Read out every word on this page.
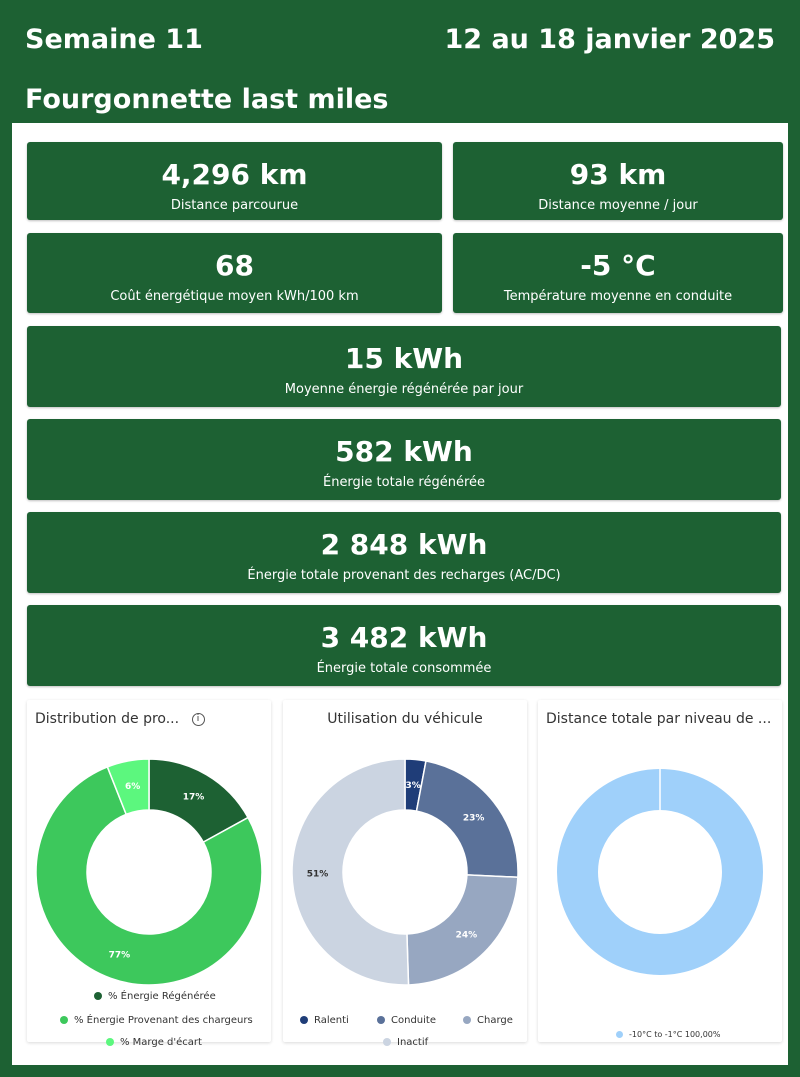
Semaine 11	12 au 18 janvier 2025
Fourgonnette last miles
4,296 km
Distance parcourue
93 km
Distance moyenne / jour
68
Coût énergétique moyen kWh/100 km
-5 °C
Température moyenne en conduite
15 kWh
Moyenne énergie régénérée par jour
582 kWh
Énergie totale régénérée
2 848 kWh
Énergie totale provenant des recharges (AC/DC)
3 482 kWh
Énergie totale consommée
Distribution de pro... i
17%
77%
6%
% Énergie Régénérée
% Énergie Provenant des chargeurs
% Marge d'écart
Utilisation du véhicule
3%
23%
24%
51%
Ralenti	Conduite	Charge
Inactif
Distance totale par niveau de ...
-10°C to -1°C 100,00%
